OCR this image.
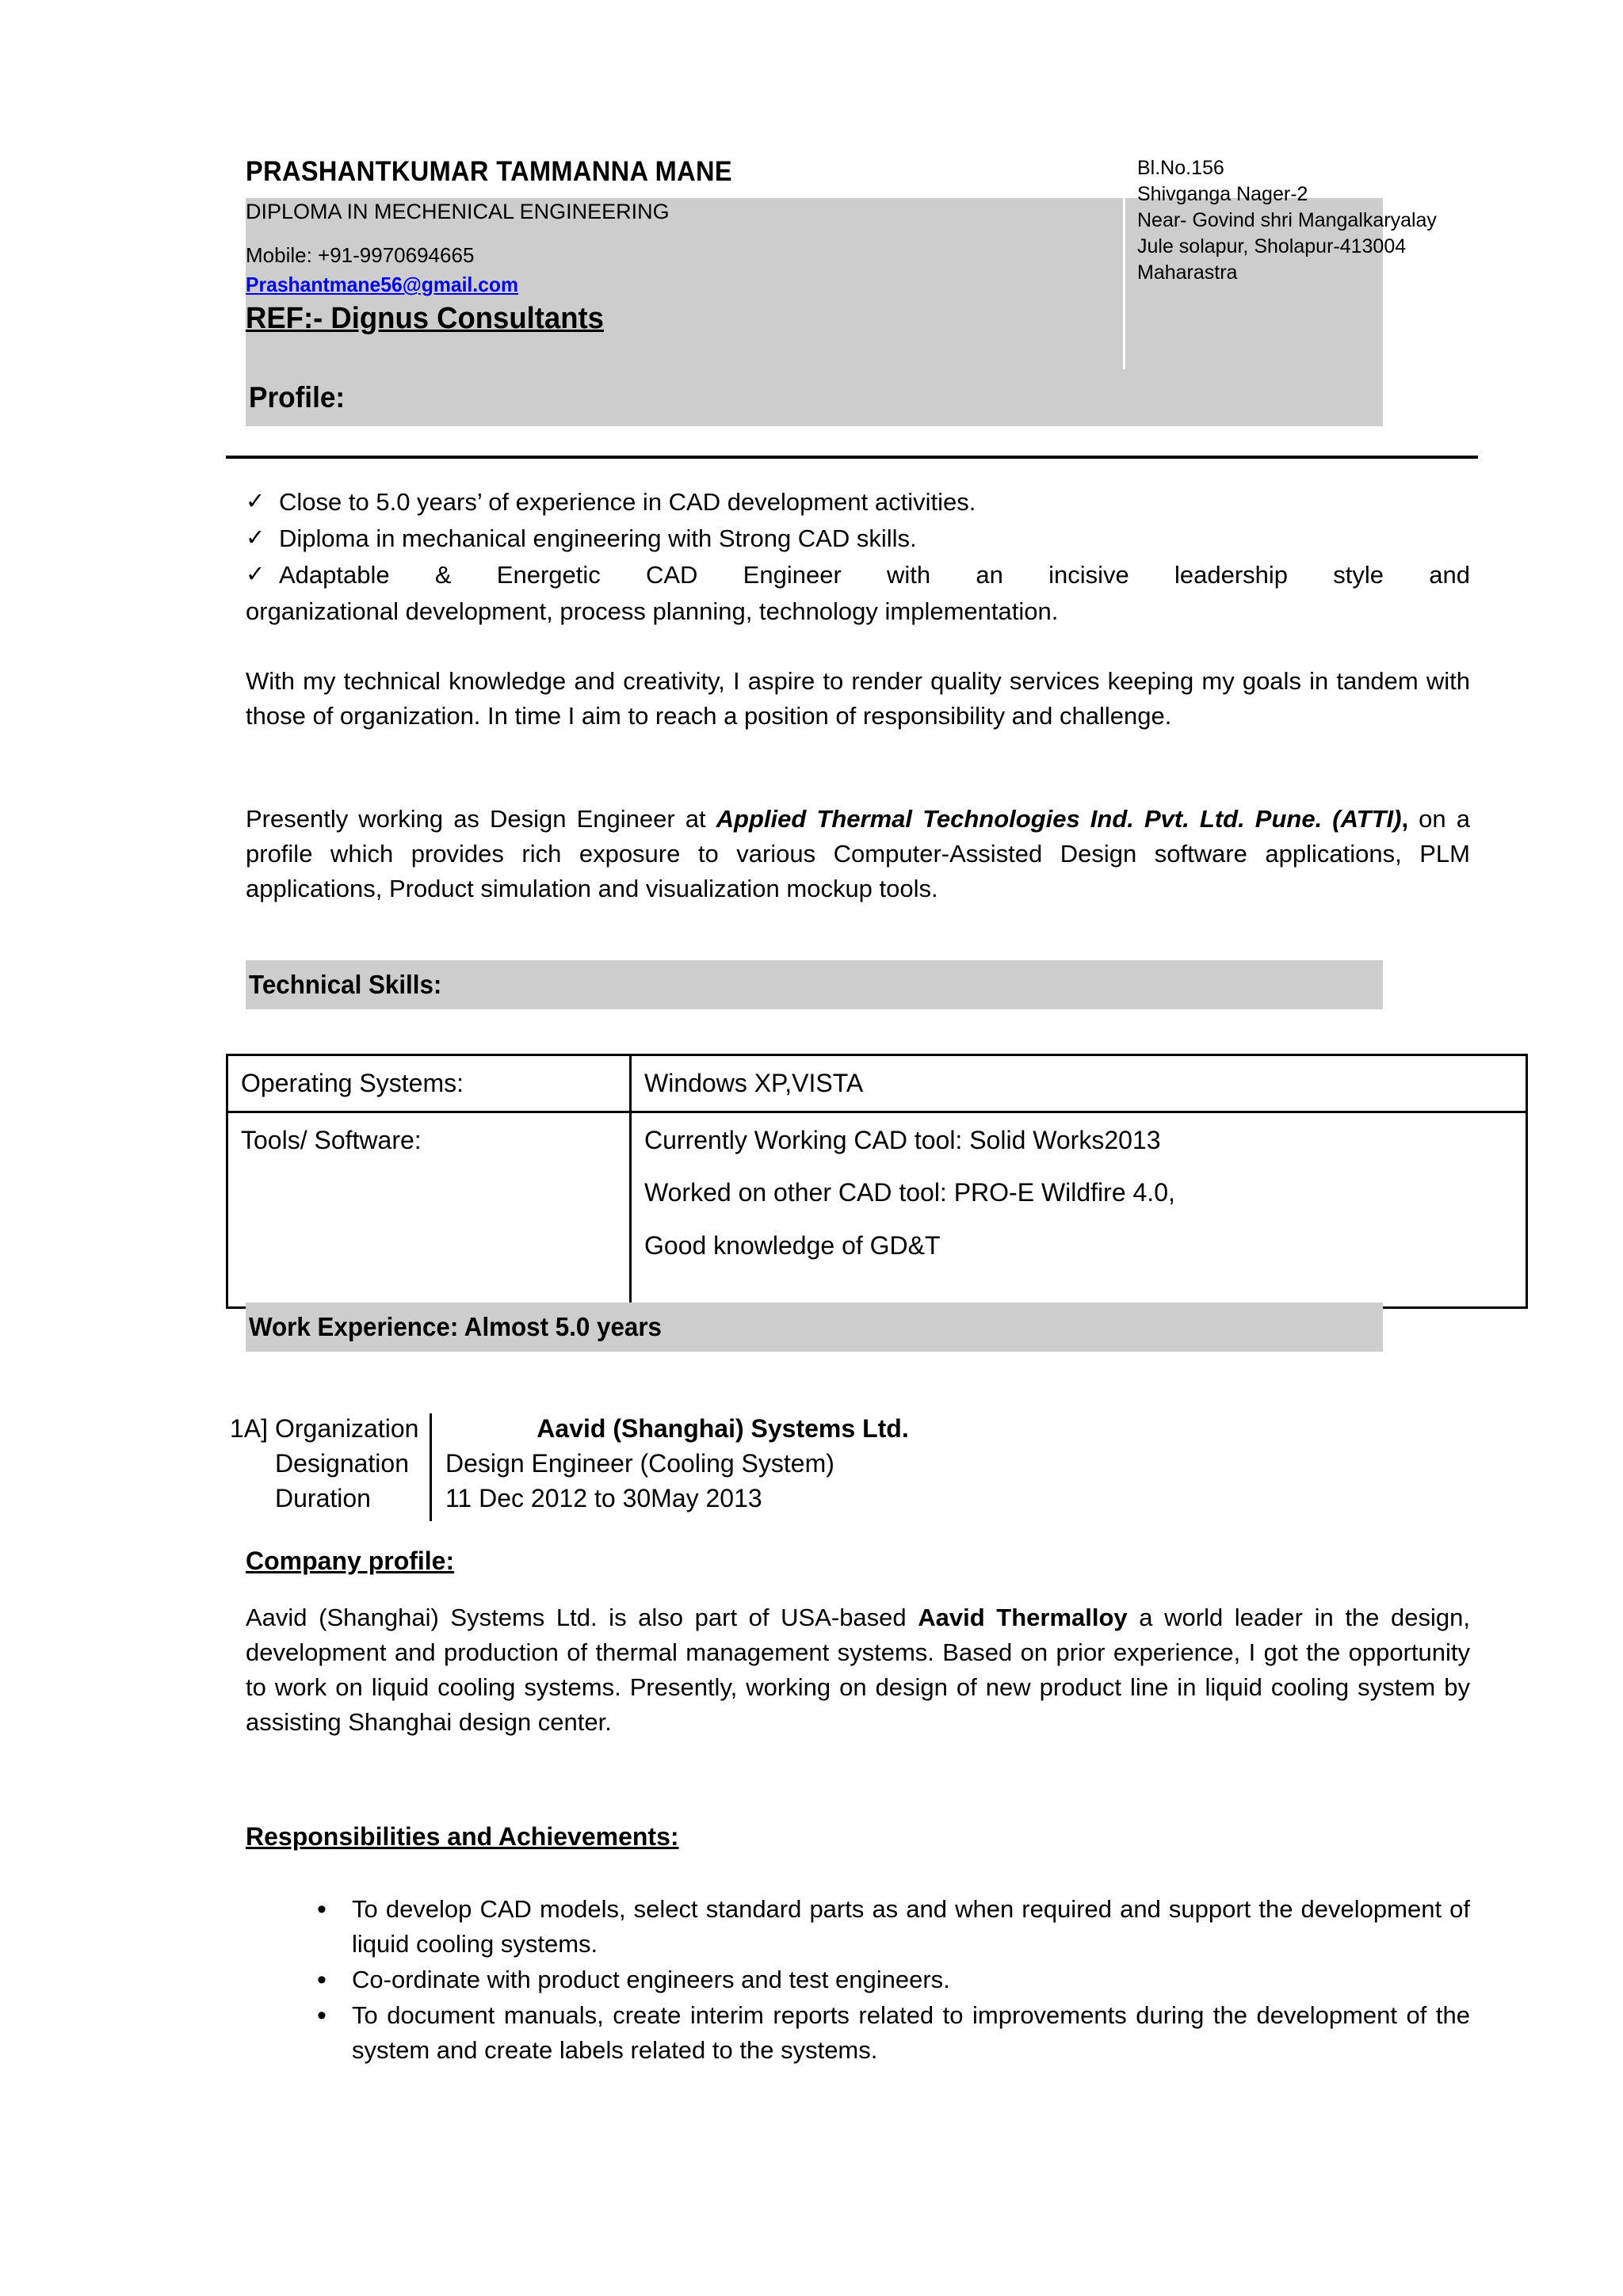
PRASHANTKUMAR TAMMANNA MANE
DIPLOMA IN MECHENICAL ENGINEERING
Mobile: +91-9970694665
Prashantmane56@gmail.com
REF:- Dignus Consultants
Bl.No.156
Shivganga Nager-2
Near- Govind shri Mangalkaryalay
Jule solapur, Sholapur-413004
Maharastra
Profile:
✓ Close to 5.0 years’ of experience in CAD development activities.
✓ Diploma in mechanical engineering with Strong CAD skills.
✓ Adaptable & Energetic CAD Engineer with an incisive leadership style and
organizational development, process planning, technology implementation.
With my technical knowledge and creativity, I aspire to render quality services keeping my goals in tandem with those of organization. In time I aim to reach a position of responsibility and challenge.
Presently working as Design Engineer at Applied Thermal Technologies Ind. Pvt. Ltd. Pune. (ATTI), on a profile which provides rich exposure to various Computer-Assisted Design software applications, PLM applications, Product simulation and visualization mockup tools.
Technical Skills:
Operating Systems:	Windows XP,VISTA

Tools/ Software:	Currently Working CAD tool: Solid Works2013

Worked on other CAD tool: PRO-E Wildfire 4.0,

Good knowledge of GD&T

Work Experience: Almost 5.0 years
1A] Organization	Aavid (Shanghai) Systems Ltd.
Designation Design Engineer (Cooling System)
Duration	11 Dec 2012 to 30May 2013
Company profile:
Aavid (Shanghai) Systems Ltd. is also part of USA-based Aavid Thermalloy a world leader in the design, development and production of thermal management systems. Based on prior experience, I got the opportunity to work on liquid cooling systems. Presently, working on design of new product line in liquid cooling system by assisting Shanghai design center.
Responsibilities and Achievements:
•	To develop CAD models, select standard parts as and when required and support the development of liquid cooling systems.
•	Co-ordinate with product engineers and test engineers.
•	To document manuals, create interim reports related to improvements during the development of the system and create labels related to the systems.
